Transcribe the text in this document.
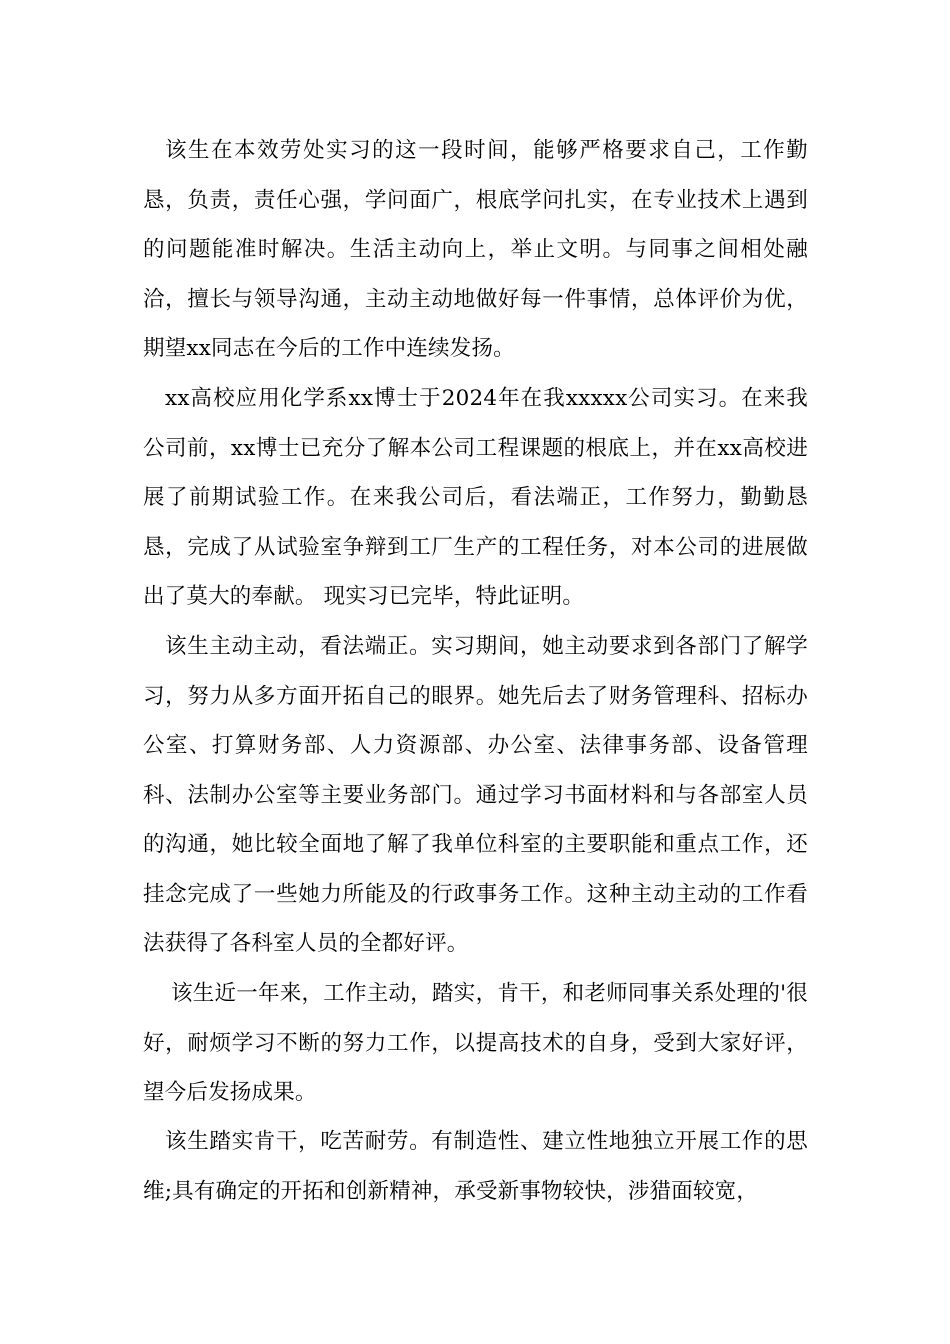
该生在本效劳处实习的这一段时间，能够严格要求自己，工作勤恳，负责，责任心强，学问面广，根底学问扎实，在专业技术上遇到的问题能准时解决。生活主动向上，举止文明。与同事之间相处融洽，擅长与领导沟通，主动主动地做好每一件事情，总体评价为优，期望xx同志在今后的工作中连续发扬。

xx高校应用化学系xx博士于2024年在我xxxxx公司实习。在来我公司前，xx博士已充分了解本公司工程课题的根底上，并在xx高校进展了前期试验工作。在来我公司后，看法端正，工作努力，勤勤恳恳，完成了从试验室争辩到工厂生产的工程任务，对本公司的进展做出了莫大的奉献。 现实习已完毕，特此证明。

该生主动主动，看法端正。实习期间，她主动要求到各部门了解学习，努力从多方面开拓自己的眼界。她先后去了财务管理科、招标办公室、打算财务部、人力资源部、办公室、法律事务部、设备管理科、法制办公室等主要业务部门。通过学习书面材料和与各部室人员的沟通，她比较全面地了解了我单位科室的主要职能和重点工作，还挂念完成了一些她力所能及的行政事务工作。这种主动主动的工作看法获得了各科室人员的全都好评。

该生近一年来，工作主动，踏实，肯干，和老师同事关系处理的'很好，耐烦学习不断的努力工作，以提高技术的自身，受到大家好评，望今后发扬成果。

该生踏实肯干，吃苦耐劳。有制造性、建立性地独立开展工作的思维;具有确定的开拓和创新精神，承受新事物较快，涉猎面较宽，
